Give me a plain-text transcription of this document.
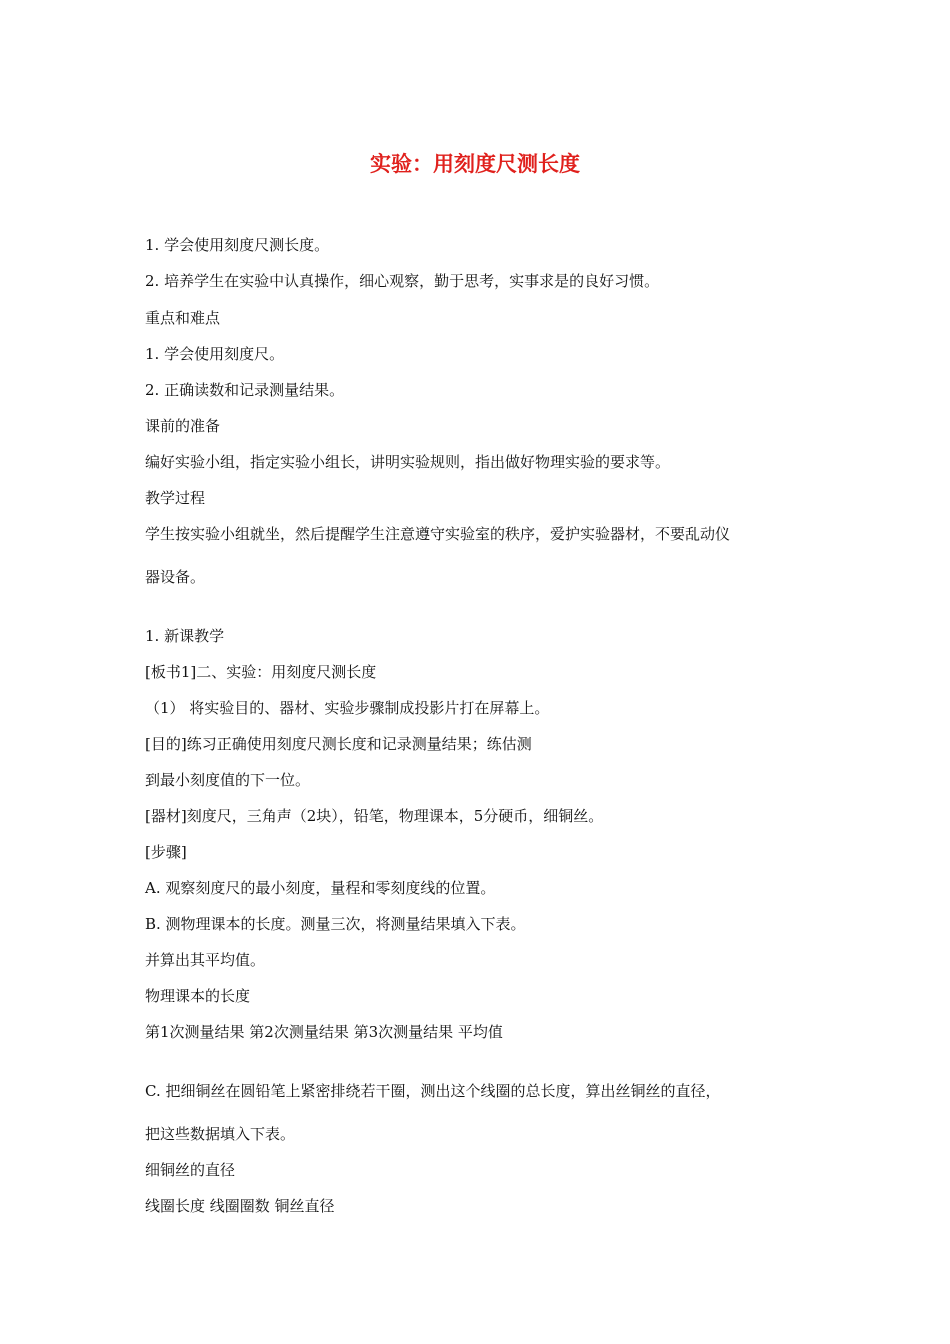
实验：用刻度尺测长度
1. 学会使用刻度尺测长度。
2. 培养学生在实验中认真操作，细心观察，勤于思考，实事求是的良好习惯。
重点和难点
1. 学会使用刻度尺。
2. 正确读数和记录测量结果。
课前的准备
编好实验小组，指定实验小组长，讲明实验规则，指出做好物理实验的要求等。
教学过程
学生按实验小组就坐，然后提醒学生注意遵守实验室的秩序，爱护实验器材，不要乱动仪
器设备。
1. 新课教学
[板书1]二、实验：用刻度尺测长度
（1） 将实验目的、器材、实验步骤制成投影片打在屏幕上。
[目的]练习正确使用刻度尺测长度和记录测量结果；练估测
到最小刻度值的下一位。
[器材]刻度尺，三角声（2块），铅笔，物理课本，5分硬币，细铜丝。
[步骤]
A. 观察刻度尺的最小刻度，量程和零刻度线的位置。
B. 测物理课本的长度。测量三次，将测量结果填入下表。
并算出其平均值。
物理课本的长度
第1次测量结果 第2次测量结果 第3次测量结果 平均值
C. 把细铜丝在圆铅笔上紧密排绕若干圈，测出这个线圈的总长度，算出丝铜丝的直径，
把这些数据填入下表。
细铜丝的直径
线圈长度 线圈圈数 铜丝直径
